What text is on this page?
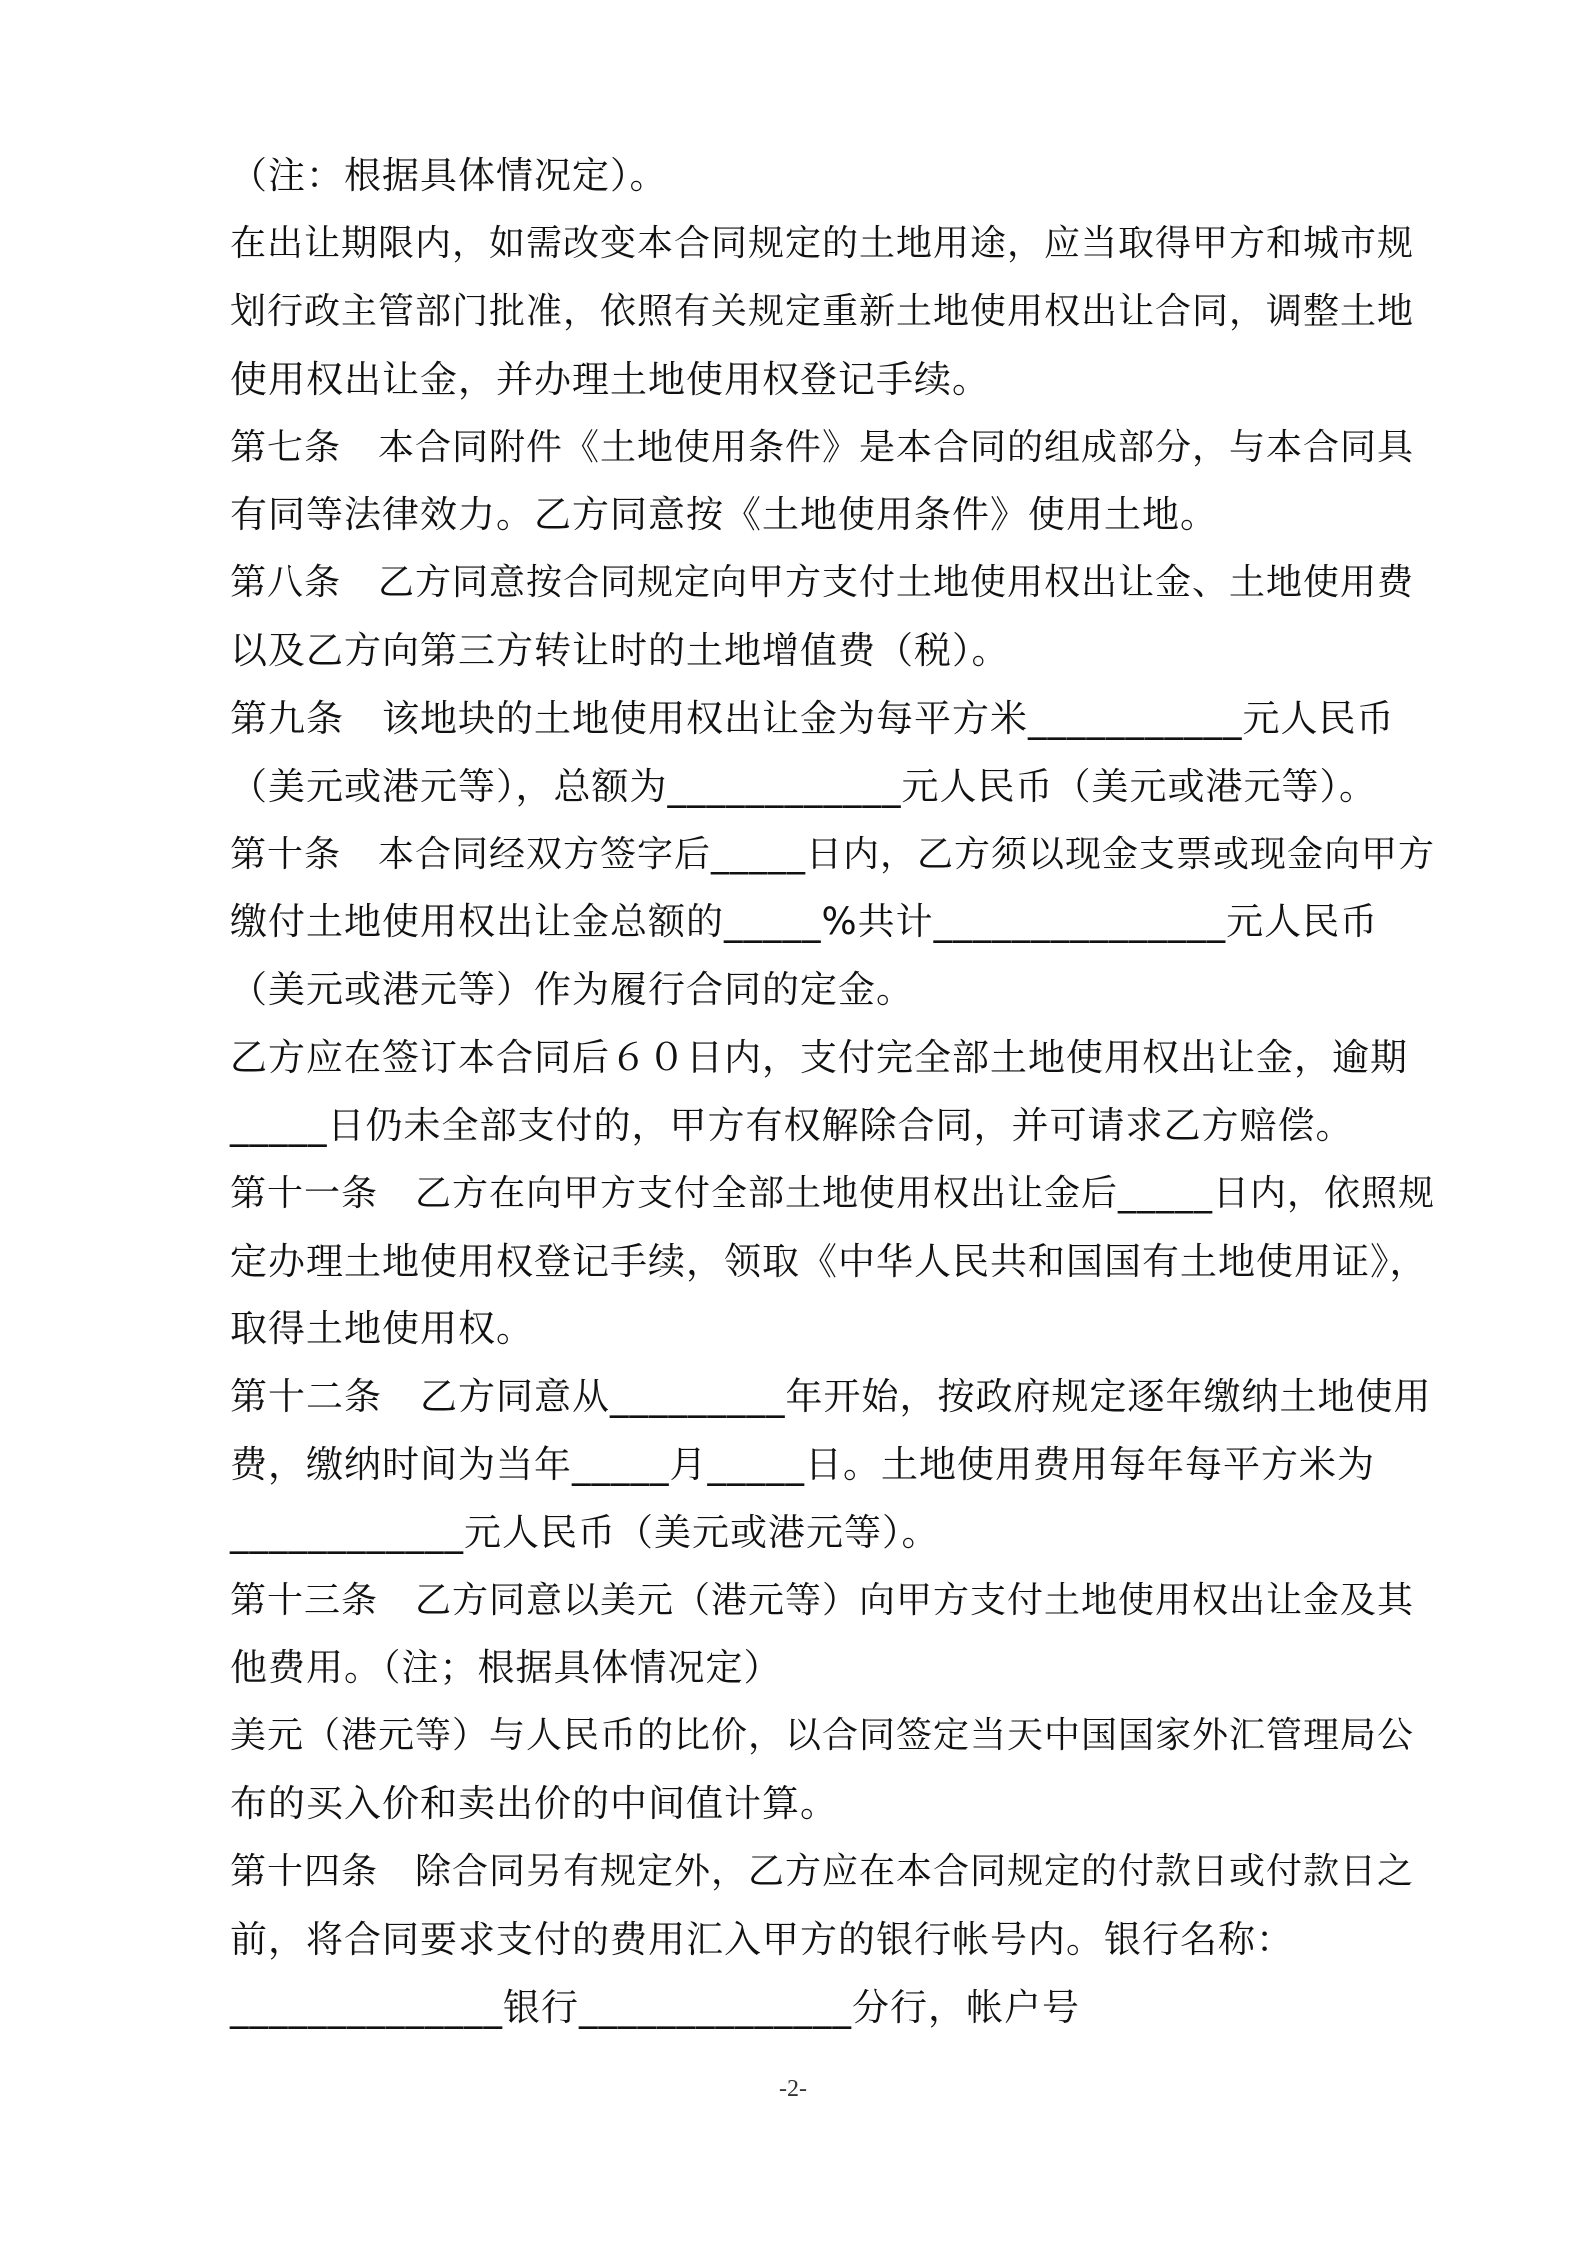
（注：根据具体情况定）。
在出让期限内，如需改变本合同规定的土地用途，应当取得甲方和城市规
划行政主管部门批准，依照有关规定重新土地使用权出让合同，调整土地
使用权出让金，并办理土地使用权登记手续。
第七条　本合同附件《土地使用条件》是本合同的组成部分，与本合同具
有同等法律效力。乙方同意按《土地使用条件》使用土地。
第八条　乙方同意按合同规定向甲方支付土地使用权出让金、土地使用费
以及乙方向第三方转让时的土地增值费（税）。
第九条　该地块的土地使用权出让金为每平方米___________元人民币
（美元或港元等），总额为____________元人民币（美元或港元等）。
第十条　本合同经双方签字后_____日内，乙方须以现金支票或现金向甲方
缴付土地使用权出让金总额的_____%共计_______________元人民币
（美元或港元等）作为履行合同的定金。
乙方应在签订本合同后６０日内，支付完全部土地使用权出让金，逾期
_____日仍未全部支付的，甲方有权解除合同，并可请求乙方赔偿。
第十一条　乙方在向甲方支付全部土地使用权出让金后_____日内，依照规
定办理土地使用权登记手续，领取《中华人民共和国国有土地使用证》，
取得土地使用权。
第十二条　乙方同意从_________年开始，按政府规定逐年缴纳土地使用
费，缴纳时间为当年_____月_____日。土地使用费用每年每平方米为
____________元人民币（美元或港元等）。
第十三条　乙方同意以美元（港元等）向甲方支付土地使用权出让金及其
他费用。（注；根据具体情况定）
美元（港元等）与人民币的比价，以合同签定当天中国国家外汇管理局公
布的买入价和卖出价的中间值计算。
第十四条　除合同另有规定外，乙方应在本合同规定的付款日或付款日之
前，将合同要求支付的费用汇入甲方的银行帐号内。银行名称：
______________银行______________分行，帐户号
-2-
